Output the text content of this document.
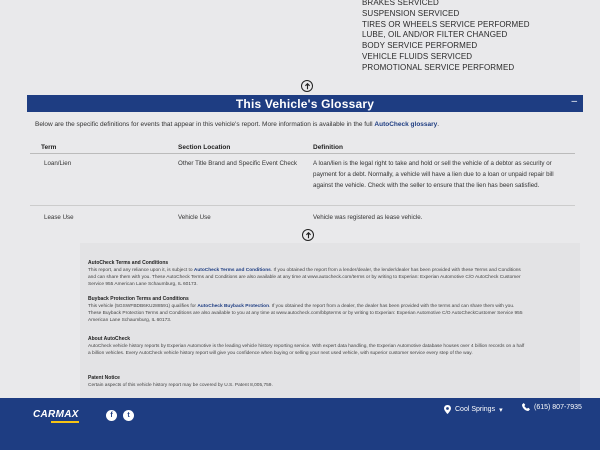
BRAKES SERVICED
SUSPENSION SERVICED
TIRES OR WHEELS SERVICE PERFORMED
LUBE, OIL AND/OR FILTER CHANGED
BODY SERVICE PERFORMED
VEHICLE FLUIDS SERVICED
PROMOTIONAL SERVICE PERFORMED
This Vehicle's Glossary	–
Below are the specific definitions for events that appear in this vehicle's report. More information is available in the full AutoCheck glossary.
Term	Section Location	Definition
Loan/Lien	Other Title Brand and Specific Event Check	A loan/lien is the legal right to take and hold or sell the vehicle of a debtor as security or payment for a debt. Normally, a vehicle will have a lien due to a loan or unpaid repair bill against the vehicle. Check with the seller to ensure that the lien has been satisfied.
Lease Use	Vehicle Use	Vehicle was registered as lease vehicle.
AutoCheck Terms and Conditions
This report, and any reliance upon it, is subject to AutoCheck Terms and Conditions. If you obtained the report from a lender/dealer, the lender/dealer has been provided with these Terms and Conditions and can share them with you. These AutoCheck Terms and Conditions are also available at any time at www.autocheck.com/terms or by writing to Experian: Experian Automotive C/O AutoCheck Customer Service 955 American Lane Schaumburg, IL 60173.
Buyback Protection Terms and Conditions
This vehicle (5GSWFBDB6KU288591) qualifies for AutoCheck Buyback Protection. If you obtained the report from a dealer, the dealer has been provided with the terms and can share them with you. These Buyback Protection Terms and Conditions are also available to you at any time at www.autocheck.com/bbpterms or by writing to Experian: Experian Automotive C/O AutoCheckCustomer Service 955 American Lane Schaumburg, IL 60173.
About AutoCheck
AutoCheck vehicle history reports by Experian Automotive is the leading vehicle history reporting service. With expert data handling, the Experian Automotive database houses over 4 billion records on a half a billion vehicles. Every AutoCheck vehicle history report will give you confidence when buying or selling your next used vehicle, with superior customer service every step of the way.
Patent Notice
Certain aspects of this vehicle history report may be covered by U.S. Patent 8,005,759.
CARMAX	f	t
Cool Springs ▾	(615) 807-7935
